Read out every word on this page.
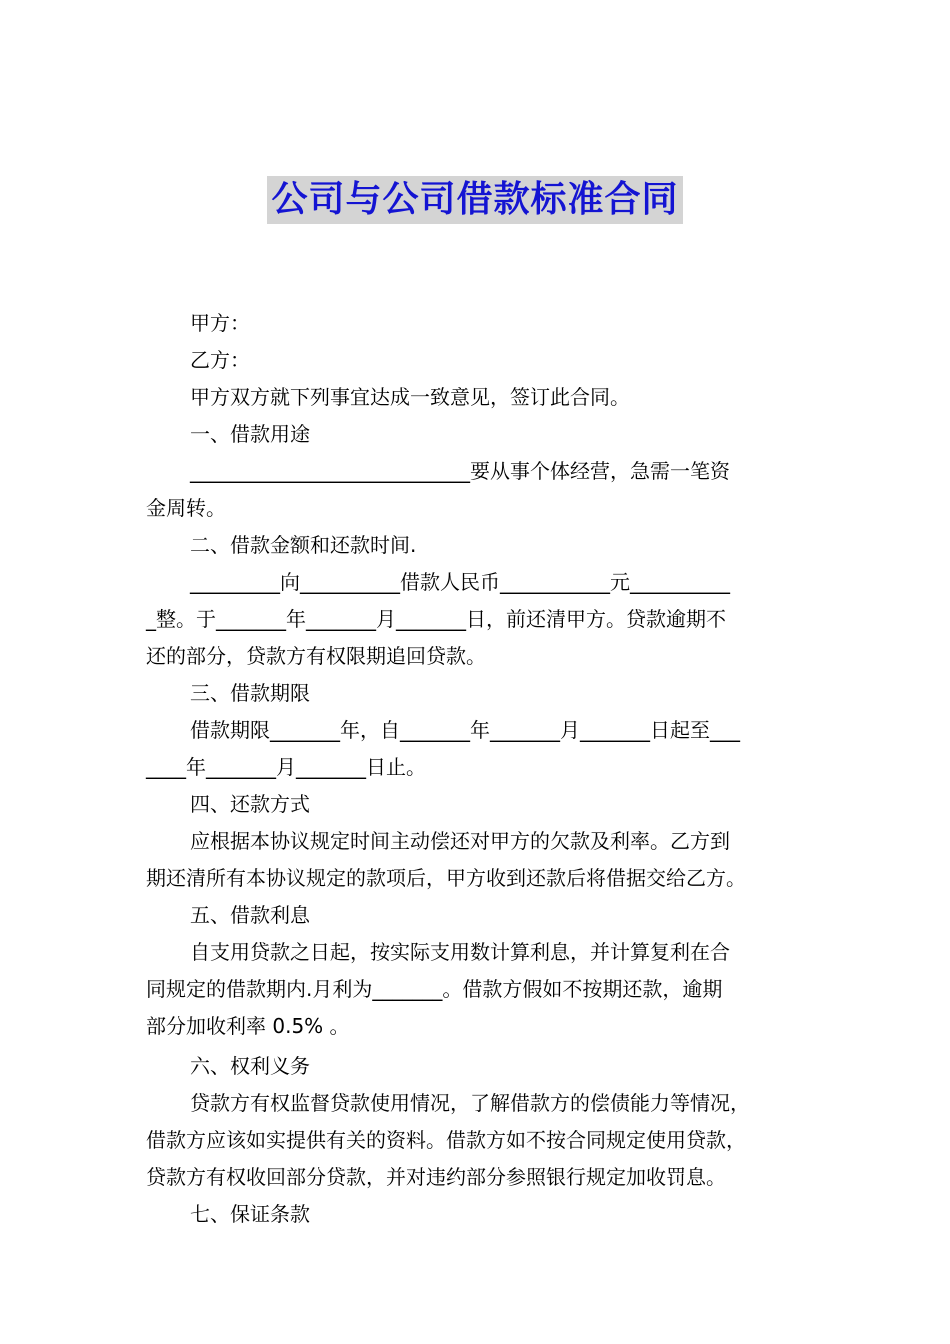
公司与公司借款标准合同

甲方：

乙方：

甲方双方就下列事宜达成一致意见，签订此合同。

一、借款用途

____________________________要从事个体经营，急需一笔资
金周转。

二、借款金额和还款时间.

_________向__________借款人民币___________元__________
_整。于_______年_______月_______日，前还清甲方。贷款逾期不
还的部分，贷款方有权限期追回贷款。

三、借款期限

借款期限_______年，自_______年_______月_______日起至___
____年_______月_______日止。

四、还款方式

应根据本协议规定时间主动偿还对甲方的欠款及利率。乙方到
期还清所有本协议规定的款项后，甲方收到还款后将借据交给乙方。

五、借款利息

自支用贷款之日起，按实际支用数计算利息，并计算复利在合
同规定的借款期内.月利为_______。借款方假如不按期还款，逾期
部分加收利率 0.5% 。

六、权利义务

贷款方有权监督贷款使用情况，了解借款方的偿债能力等情况，
借款方应该如实提供有关的资料。借款方如不按合同规定使用贷款，
贷款方有权收回部分贷款，并对违约部分参照银行规定加收罚息。

七、保证条款
